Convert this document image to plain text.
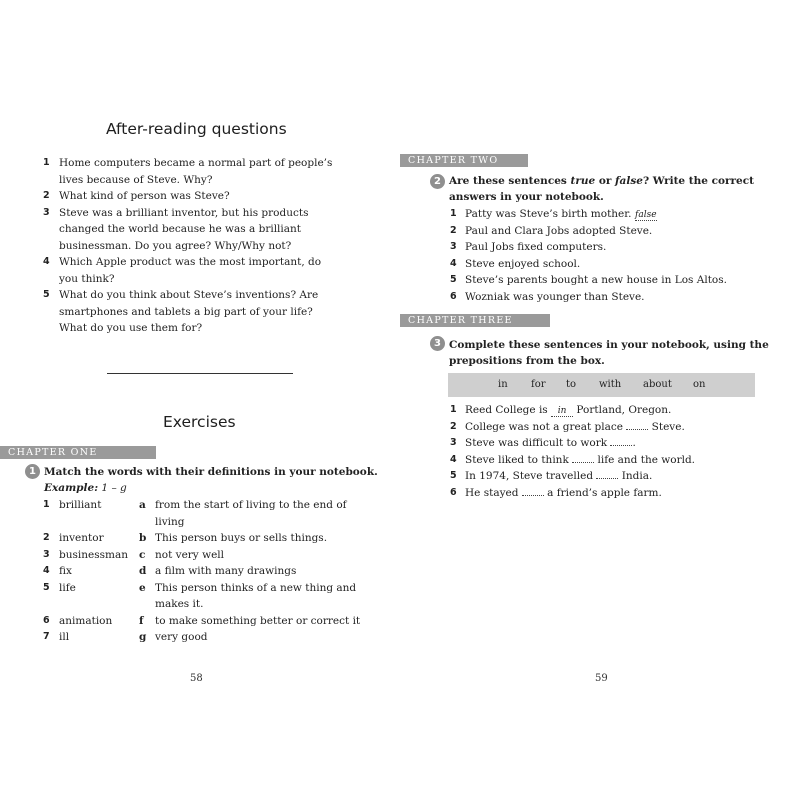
After-reading questions
1 Home computers became a normal part of people’s lives because of Steve. Why?
2 What kind of person was Steve?
3 Steve was a brilliant inventor, but his products changed the world because he was a brilliant businessman. Do you agree? Why/Why not?
4 Which Apple product was the most important, do you think?
5 What do you think about Steve’s inventions? Are smartphones and tablets a big part of your life? What do you use them for?
Exercises
CHAPTER ONE
1 Match the words with their definitions in your notebook.
Example: 1 – g
1	brilliant	a	from the start of living to the end of living
2	inventor	b	This person buys or sells things.
3	businessman	c	not very well
4	fix	d	a film with many drawings
5	life	e	This person thinks of a new thing and makes it.
6	animation	f	to make something better or correct it
7	ill	g	very good
58
CHAPTER TWO
2 Are these sentences true or false? Write the correct answers in your notebook.
1 Patty was Steve’s birth mother. false
2 Paul and Clara Jobs adopted Steve.
3 Paul Jobs fixed computers.
4 Steve enjoyed school.
5 Steve’s parents bought a new house in Los Altos.
6 Wozniak was younger than Steve.
CHAPTER THREE
3 Complete these sentences in your notebook, using the prepositions from the box.
in for to with about on
1 Reed College is in Portland, Oregon.
2 College was not a great place  Steve.
3 Steve was difficult to work .
4 Steve liked to think  life and the world.
5 In 1974, Steve travelled  India.
6 He stayed  a friend’s apple farm.
59
